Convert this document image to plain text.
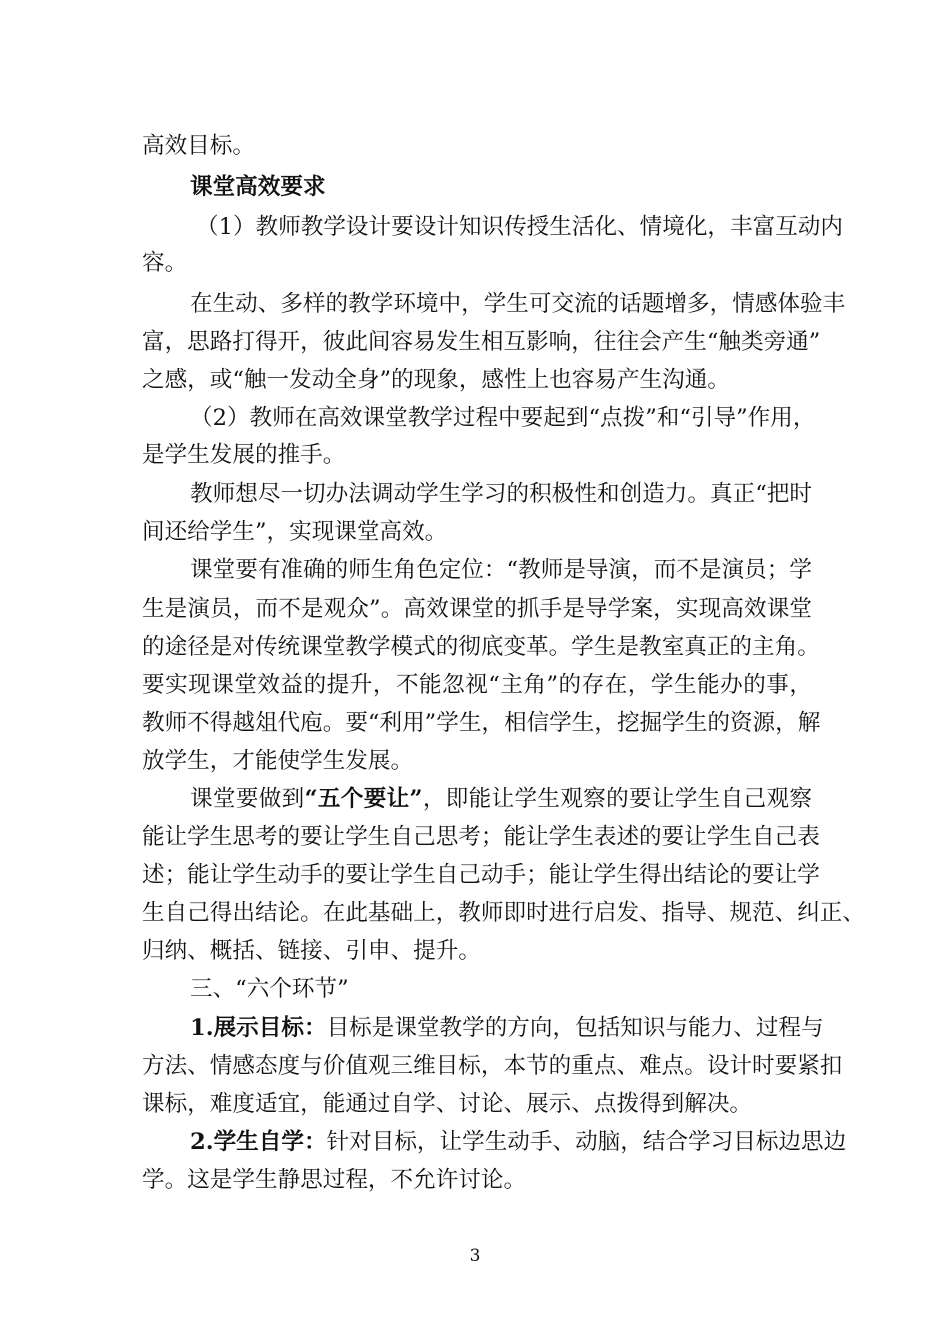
高效目标。
课堂高效要求
（1）教师教学设计要设计知识传授生活化、情境化，丰富互动内
容。
在生动、多样的教学环境中，学生可交流的话题增多，情感体验丰
富，思路打得开，彼此间容易发生相互影响，往往会产生“触类旁通”
之感，或“触一发动全身”的现象，感性上也容易产生沟通。
（2）教师在高效课堂教学过程中要起到“点拨”和“引导”作用，
是学生发展的推手。
教师想尽一切办法调动学生学习的积极性和创造力。真正“把时
间还给学生”，实现课堂高效。
课堂要有准确的师生角色定位：“教师是导演，而不是演员；学
生是演员，而不是观众”。高效课堂的抓手是导学案，实现高效课堂
的途径是对传统课堂教学模式的彻底变革。学生是教室真正的主角。
要实现课堂效益的提升，不能忽视“主角”的存在，学生能办的事，
教师不得越俎代庖。要“利用”学生，相信学生，挖掘学生的资源，解
放学生，才能使学生发展。
课堂要做到“五个要让”，即能让学生观察的要让学生自己观察
能让学生思考的要让学生自己思考；能让学生表述的要让学生自己表
述；能让学生动手的要让学生自己动手；能让学生得出结论的要让学
生自己得出结论。在此基础上，教师即时进行启发、指导、规范、纠正、
归纳、概括、链接、引申、提升。
三、“六个环节”
1.展示目标：目标是课堂教学的方向，包括知识与能力、过程与
方法、情感态度与价值观三维目标，本节的重点、难点。设计时要紧扣
课标，难度适宜，能通过自学、讨论、展示、点拨得到解决。
2.学生自学：针对目标，让学生动手、动脑，结合学习目标边思边
学。这是学生静思过程，不允许讨论。
3
